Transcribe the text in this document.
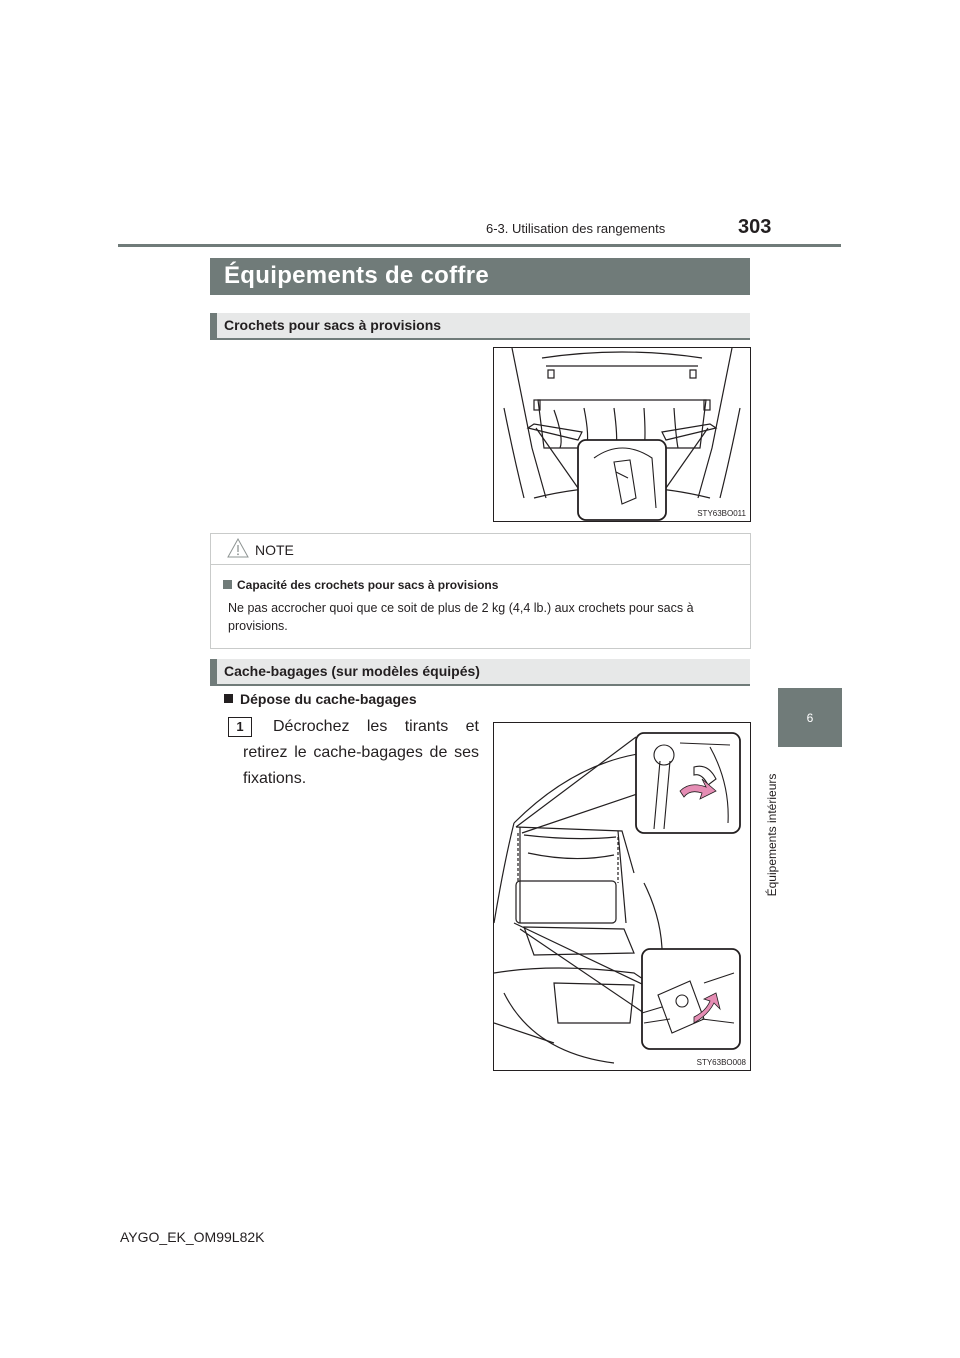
6-3. Utilisation des rangements	303
6
Équipements intérieurs
Équipements de coffre
Crochets pour sacs à provisions
STY63BO011
NOTE
Capacité des crochets pour sacs à provisions
Ne pas accrocher quoi que ce soit de plus de 2 kg (4,4 lb.) aux crochets pour sacs à provisions.
Cache-bagages (sur modèles équipés)
Dépose du cache-bagages
1	Décrochez les tirants et retirez le cache-bagages de ses fixations.
STY63BO008
AYGO_EK_OM99L82K
